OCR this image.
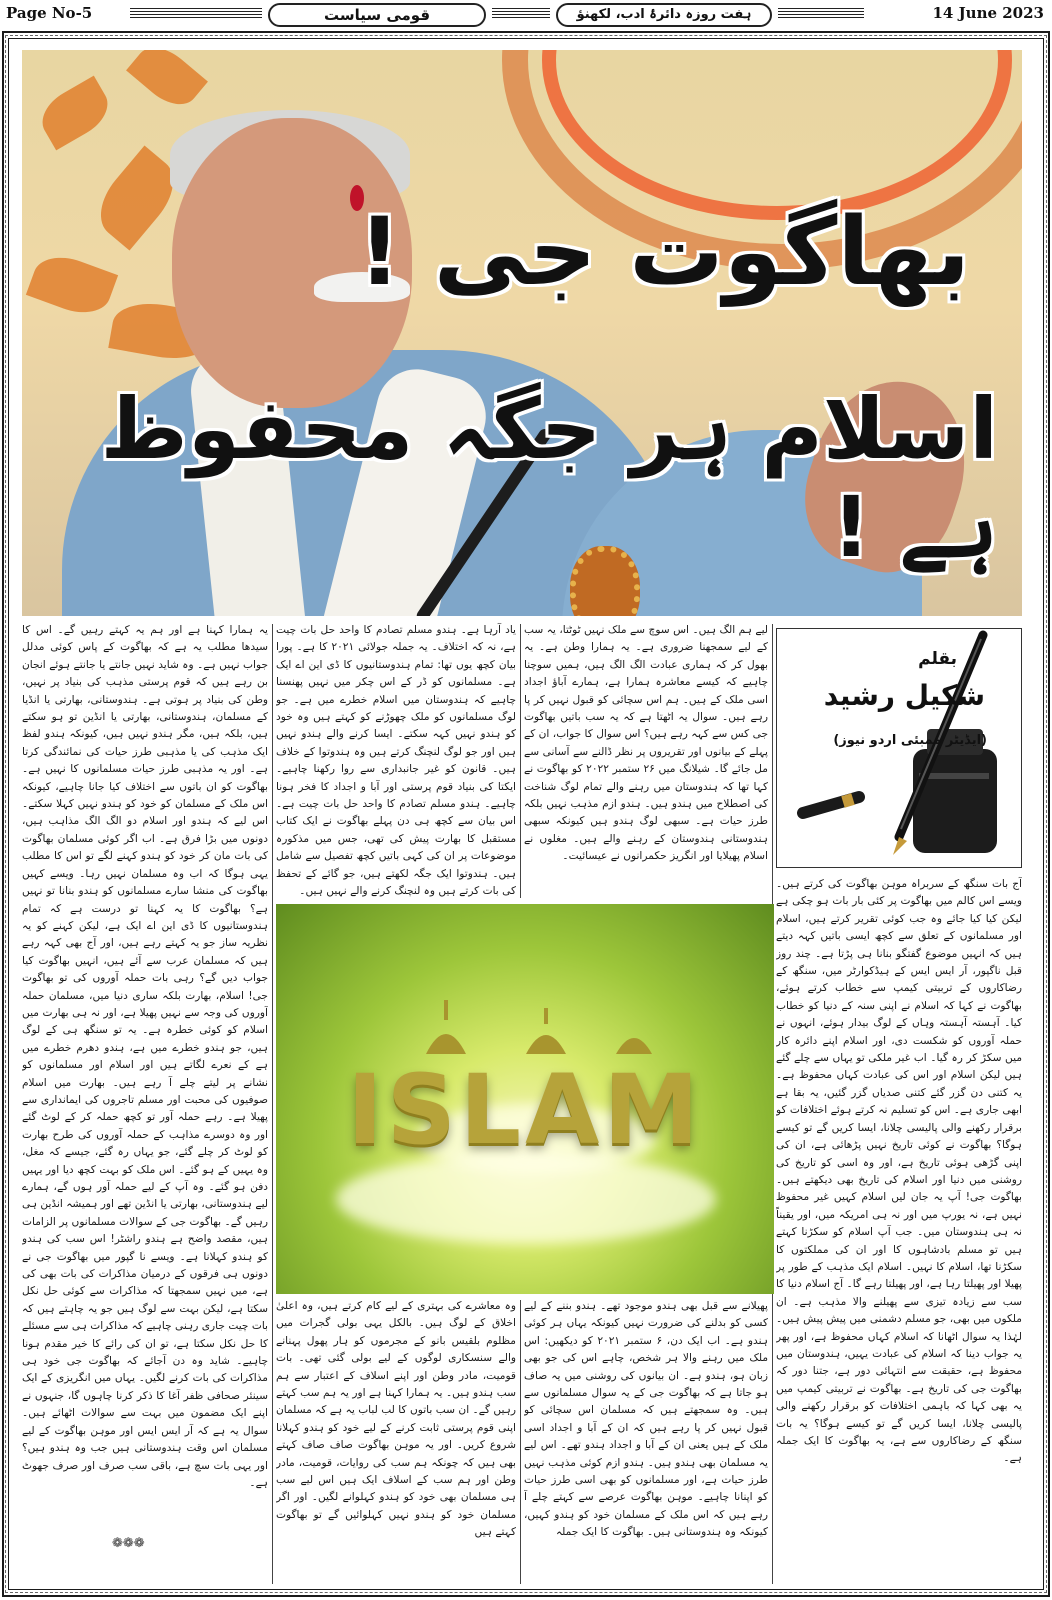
Page No-5	قومی سیاست	ہفت روزہ دائرۂ ادب، لکھنؤ	14 June 2023
بھاگوت جی !
اسلام ہر جگہ محفوظ ہے !
بقلم
شکیل رشید
(ایڈیٹر ممبئی اردو نیوز)
آج بات سنگھ کے سربراہ موہن بھاگوت کی کرتے ہیں۔ ویسے اس کالم میں بھاگوت پر کئی بار بات ہو چکی ہے لیکن کیا کیا جائے وہ جب کوئی تقریر کرتے ہیں، اسلام اور مسلمانوں کے تعلق سے کچھ ایسی باتیں کہہ دیتے ہیں کہ انہیں موضوع گفتگو بنانا ہی پڑتا ہے۔ چند روز قبل ناگپور، آر ایس ایس کے ہیڈکوارٹر میں، سنگھ کے رضاکاروں کے تربیتی کیمپ سے خطاب کرتے ہوئے، بھاگوت نے کہا کہ اسلام نے اپنی سنہ کے دنیا کو خطاب کیا۔ آہستہ آہستہ وہاں کے لوگ بیدار ہوئے، انہوں نے حملہ آوروں کو شکست دی، اور اسلام اپنے دائرہ کار میں سکڑ کر رہ گیا۔ اب غیر ملکی تو یہاں سے چلے گئے ہیں لیکن اسلام اور اس کی عبادت کہاں محفوظ ہے۔ یہ کتنی دن گزر گئے کتنی صدیاں گزر گئیں، یہ بقا ہے ابھی جاری ہے۔ اس کو تسلیم نہ کرتے ہوئے اختلافات کو برقرار رکھنے والی پالیسی چلانا، ایسا کریں گے تو کیسے ہوگا؟ بھاگوت نے کوئی تاریخ نہیں پڑھائی ہے، ان کی اپنی گڑھی ہوئی تاریخ ہے، اور وہ اسی کو تاریخ کی روشنی میں دنیا اور اسلام کی تاریخ بھی دیکھتے ہیں۔ بھاگوت جی! آپ یہ جان لیں اسلام کہیں غیر محفوظ نہیں ہے، نہ یورپ میں اور نہ ہی امریکہ میں، اور یقیناً نہ ہی ہندوستان میں۔ جب آپ اسلام کو سکڑنا کہتے ہیں تو مسلم بادشاہوں کا اور ان کی مملکتوں کا سکڑنا تھا، اسلام کا نہیں۔ اسلام ایک مذہب کے طور پر پھیلا اور پھیلتا رہا ہے، اور پھیلتا رہے گا۔ آج اسلام دنیا کا سب سے زیادہ تیزی سے پھیلنے والا مذہب ہے۔ ان ملکوں میں بھی، جو مسلم دشمنی میں پیش پیش ہیں۔ لہٰذا یہ سوال اٹھانا کہ اسلام کہاں محفوظ ہے، اور پھر یہ جواب دینا کہ اسلام کی عبادت یہیں، ہندوستان میں محفوظ ہے، حقیقت سے انتہائی دور ہے، جتنا دور کہ بھاگوت جی کی تاریخ ہے۔ بھاگوت نے تربیتی کیمپ میں یہ بھی کہا کہ باہمی اختلافات کو برقرار رکھنے والی پالیسی چلانا، ایسا کریں گے تو کیسے ہوگا؟ یہ بات سنگھ کے رضاکاروں سے ہے، یہ بھاگوت کا ایک جملہ ہے۔
لیے ہم الگ ہیں۔ اس سوچ سے ملک نہیں ٹوٹتا، یہ سب کے لیے سمجھنا ضروری ہے۔ یہ ہمارا وطن ہے۔ یہ بھول کر کہ ہماری عبادت الگ الگ ہیں، ہمیں سوچنا چاہیے کہ کیسے معاشرہ ہمارا ہے، ہمارے آباؤ اجداد اسی ملک کے ہیں۔ ہم اس سچائی کو قبول نہیں کر پا رہے ہیں۔ سوال یہ اٹھتا ہے کہ یہ سب باتیں بھاگوت جی کس سے کہہ رہے ہیں؟ اس سوال کا جواب، ان کے پہلے کے بیانوں اور تقریروں پر نظر ڈالنے سے آسانی سے مل جائے گا۔ شیلانگ میں ۲۶ ستمبر ۲۰۲۲ کو بھاگوت نے کہا تھا کہ ہندوستان میں رہنے والے تمام لوگ شناخت کی اصطلاح میں ہندو ہیں۔ ہندو ازم مذہب نہیں بلکہ طرز حیات ہے۔ سبھی لوگ ہندو ہیں کیونکہ سبھی ہندوستانی ہندوستان کے رہنے والے ہیں۔ مغلوں نے اسلام پھیلایا اور انگریز حکمرانوں نے عیسائیت۔
یاد آرہا ہے۔ ہندو مسلم تصادم کا واحد حل بات چیت ہے، نہ کہ اختلاف۔ یہ جملہ جولائی ۲۰۲۱ کا ہے۔ پورا بیان کچھ یوں تھا: تمام ہندوستانیوں کا ڈی این اے ایک ہے۔ مسلمانوں کو ڈر کے اس چکر میں نہیں پھنسنا چاہیے کہ ہندوستان میں اسلام خطرے میں ہے۔ جو لوگ مسلمانوں کو ملک چھوڑنے کو کہتے ہیں وہ خود کو ہندو نہیں کہہ سکتے۔ ایسا کرنے والے ہندو نہیں ہیں اور جو لوگ لنچنگ کرتے ہیں وہ ہندوتوا کے خلاف ہیں۔ قانون کو غیر جانبداری سے روا رکھنا چاہیے۔ ایکتا کی بنیاد قوم پرستی اور آبا و اجداد کا فخر ہونا چاہیے۔ ہندو مسلم تصادم کا واحد حل بات چیت ہے۔ اس بیان سے کچھ ہی دن پہلے بھاگوت نے ایک کتاب مستقبل کا بھارت پیش کی تھی، جس میں مذکورہ موضوعات پر ان کی کہی باتیں کچھ تفصیل سے شامل ہیں۔ ہندوتوا ایک جگہ لکھتے ہیں، جو گائے کے تحفظ کی بات کرتے ہیں وہ لنچنگ کرنے والے نہیں ہیں۔
یہ ہمارا کہنا ہے اور ہم یہ کہتے رہیں گے۔ اس کا سیدھا مطلب یہ ہے کہ بھاگوت کے پاس کوئی مدلل جواب نہیں ہے۔ وہ شاید نہیں جانتے یا جانتے ہوئے انجان بن رہے ہیں کہ قوم پرستی مذہب کی بنیاد پر نہیں، وطن کی بنیاد پر ہوتی ہے۔ ہندوستانی، بھارتی یا انڈیا کے مسلمان، ہندوستانی، بھارتی یا انڈین تو ہو سکتے ہیں، بلکہ ہیں، مگر ہندو نہیں ہیں، کیونکہ ہندو لفظ ایک مذہب کی یا مذہبی طرز حیات کی نمائندگی کرتا ہے۔ اور یہ مذہبی طرز حیات مسلمانوں کا نہیں ہے۔ بھاگوت کو ان باتوں سے اختلاف کیا جانا چاہیے، کیونکہ اس ملک کے مسلمان کو خود کو ہندو نہیں کہلا سکتے۔ اس لیے کہ ہندو اور اسلام دو الگ الگ مذاہب ہیں، دونوں میں بڑا فرق ہے۔ اب اگر کوئی مسلمان بھاگوت کی بات مان کر خود کو ہندو کہنے لگے تو اس کا مطلب یہی ہوگا کہ اب وہ مسلمان نہیں رہا۔ ویسے کہیں بھاگوت کی منشا سارے مسلمانوں کو ہندو بنانا تو نہیں ہے؟ بھاگوت کا یہ کہنا تو درست ہے کہ تمام ہندوستانیوں کا ڈی این اے ایک ہے، لیکن کہنے کو یہ نظریہ ساز جو یہ کہتے رہے ہیں، اور آج بھی کہہ رہے ہیں کہ مسلمان عرب سے آئے ہیں، انہیں بھاگوت کیا جواب دیں گے؟ رہی بات حملہ آوروں کی تو بھاگوت جی! اسلام، بھارت بلکہ ساری دنیا میں، مسلمان حملہ آوروں کی وجہ سے نہیں پھیلا ہے، اور نہ ہی بھارت میں اسلام کو کوئی خطرہ ہے۔ یہ تو سنگھ ہی کے لوگ ہیں، جو ہندو خطرے میں ہے، ہندو دھرم خطرے میں ہے کے نعرے لگاتے ہیں اور اسلام اور مسلمانوں کو نشانے پر لیتے چلے آ رہے ہیں۔ بھارت میں اسلام صوفیوں کی محبت اور مسلم تاجروں کی ایمانداری سے پھیلا ہے۔ رہے حملہ آور تو کچھ حملہ کر کے لوٹ گئے اور وہ دوسرے مذاہب کے حملہ آوروں کی طرح بھارت کو لوٹ کر چلے گئے، جو یہاں رہ گئے، جیسے کہ مغل، وہ یہیں کے ہو گئے۔ اس ملک کو بہت کچھ دیا اور یہیں دفن ہو گئے۔ وہ آپ کے لیے حملہ آور ہوں گے، ہمارے لیے ہندوستانی، بھارتی یا انڈین تھے اور ہمیشہ انڈین ہی رہیں گے۔ بھاگوت جی کے سوالات مسلمانوں پر الزامات ہیں، مقصد واضح ہے ہندو راشٹر! اس سب کی ہندو کو ہندو کہلانا ہے۔ ویسے نا گپور میں بھاگوت جی نے دونوں ہی فرقوں کے درمیان مذاکرات کی بات بھی کی ہے، میں نہیں سمجھتا کہ مذاکرات سے کوئی حل نکل سکتا ہے، لیکن بہت سے لوگ ہیں جو یہ چاہتے ہیں کہ بات چیت جاری رہنی چاہیے کہ مذاکرات ہی سے مسئلے کا حل نکل سکتا ہے، تو ان کی رائے کا خیر مقدم ہونا چاہیے۔ شاید وہ دن آجائے کہ بھاگوت جی خود ہی مذاکرات کی بات کرنے لگیں۔ یہاں میں انگریزی کے ایک سینئر صحافی ظفر آغا کا ذکر کرنا چاہوں گا، جنہوں نے اپنے ایک مضمون میں بہت سے سوالات اٹھائے ہیں۔ سوال یہ ہے کہ آر ایس ایس اور موہن بھاگوت کے لیے مسلمان اس وقت ہندوستانی ہیں جب وہ ہندو ہیں؟ اور یہی بات سچ ہے، باقی سب صرف اور صرف جھوٹ ہے۔
پھیلانے سے قبل بھی ہندو موجود تھے۔ ہندو بننے کے لیے کسی کو بدلنے کی ضرورت نہیں کیونکہ یہاں ہر کوئی ہندو ہے۔ اب ایک دن، ۶ ستمبر ۲۰۲۱ کو دیکھیں: اس ملک میں رہنے والا ہر شخص، چاہے اس کی جو بھی زبان ہو، ہندو ہے۔ ان بیانوں کی روشنی میں یہ صاف ہو جاتا ہے کہ بھاگوت جی کے یہ سوال مسلمانوں سے ہیں۔ وہ سمجھتے ہیں کہ مسلمان اس سچائی کو قبول نہیں کر پا رہے ہیں کہ ان کے آبا و اجداد اسی ملک کے ہیں یعنی ان کے آبا و اجداد ہندو تھے۔ اس لیے یہ مسلمان بھی ہندو ہیں۔ ہندو ازم کوئی مذہب نہیں طرز حیات ہے، اور مسلمانوں کو بھی اسی طرز حیات کو اپنانا چاہیے۔ موہن بھاگوت عرصے سے کہتے چلے آ رہے ہیں کہ اس ملک کے مسلمان خود کو ہندو کہیں، کیونکہ وہ ہندوستانی ہیں۔ بھاگوت کا ایک جملہ
وہ معاشرے کی بہتری کے لیے کام کرتے ہیں، وہ اعلیٰ اخلاق کے لوگ ہیں۔ بالکل یہی بولی گجرات میں مظلوم بلقیس بانو کے مجرموں کو ہار پھول پہنانے والے سنسکاری لوگوں کے لیے بولی گئی تھی۔ بات قومیت، مادر وطن اور اپنے اسلاف کے اعتبار سے ہم سب ہندو ہیں۔ یہ ہمارا کہنا ہے اور یہ ہم سب کہتے رہیں گے۔ ان سب باتوں کا لب لباب یہ ہے کہ مسلمان اپنی قوم پرستی ثابت کرنے کے لیے خود کو ہندو کہلانا شروع کریں۔ اور یہ موہن بھاگوت صاف صاف کہتے بھی ہیں کہ چونکہ ہم سب کی روایات، قومیت، مادر وطن اور ہم سب کے اسلاف ایک ہیں اس لیے سب ہی مسلمان بھی خود کو ہندو کہلوانے لگیں۔ اور اگر مسلمان خود کو ہندو نہیں کہلوائیں گے تو بھاگوت کہتے ہیں
ISLAM
❁❁❁
